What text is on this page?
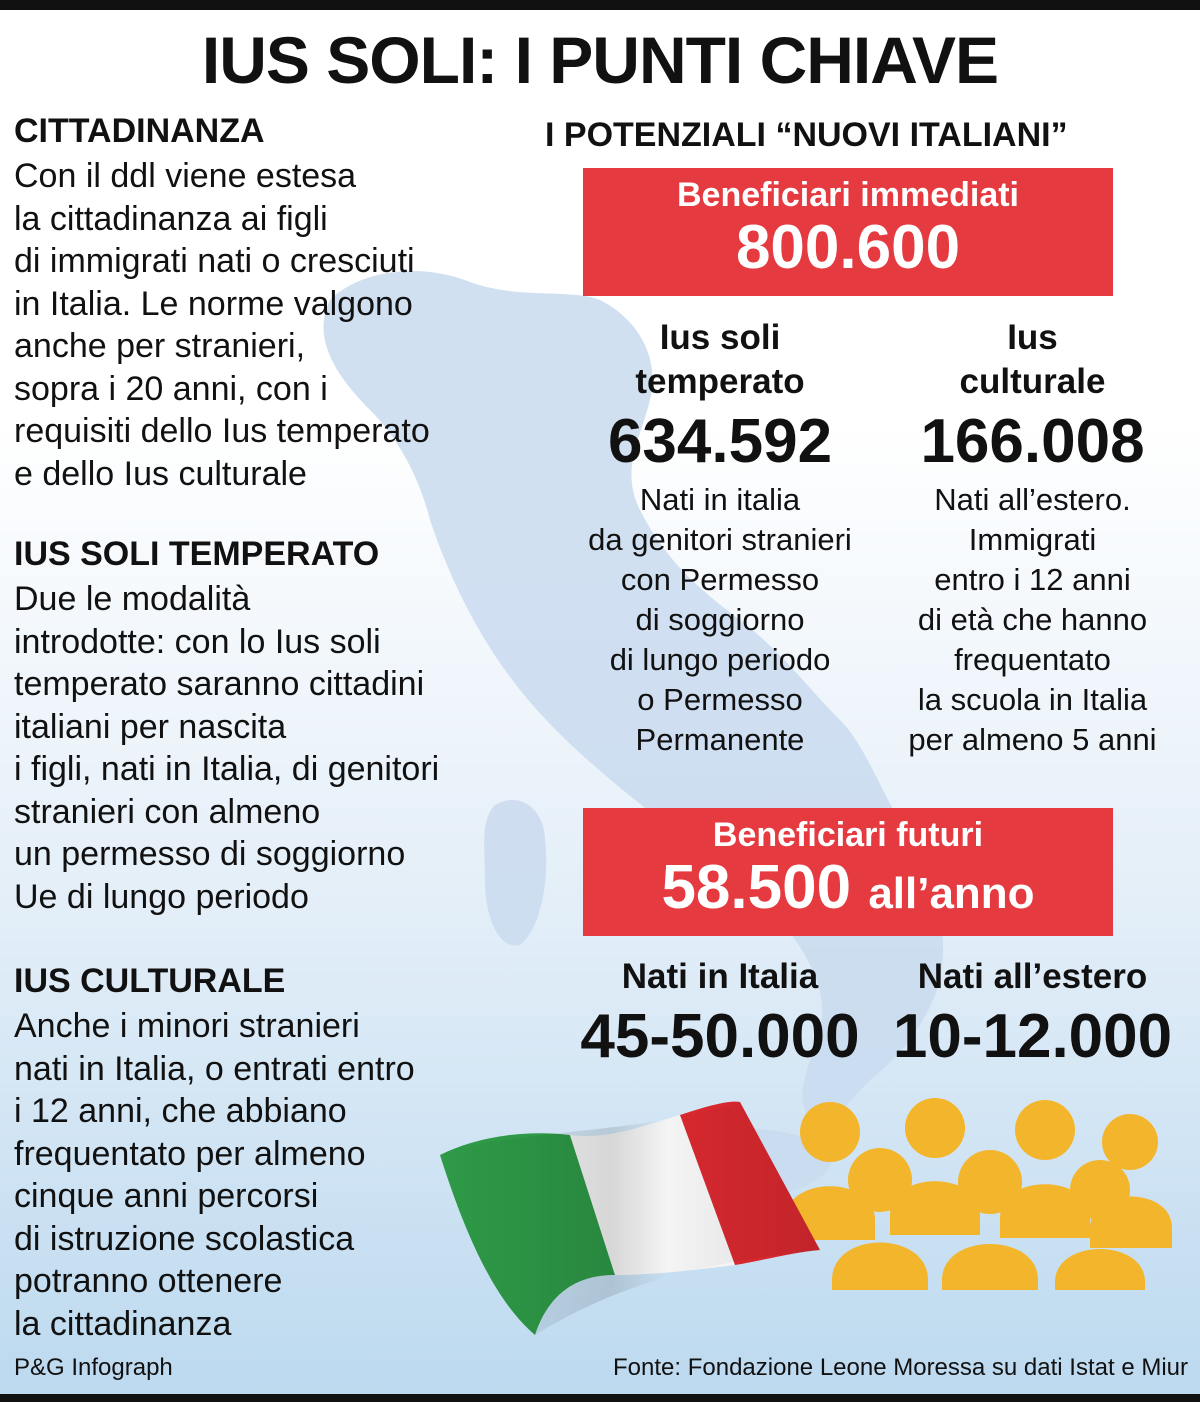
IUS SOLI: I PUNTI CHIAVE
CITTADINANZA

Con il ddl viene estesa
la cittadinanza ai figli
di immigrati nati o cresciuti
in Italia. Le norme valgono
anche per stranieri,
sopra i 20 anni, con i
requisiti dello Ius temperato
e dello Ius culturale

IUS SOLI TEMPERATO

Due le modalità
introdotte: con lo Ius soli
temperato saranno cittadini
italiani per nascita
i figli, nati in Italia, di genitori
stranieri con almeno
un permesso di soggiorno
Ue di lungo periodo

IUS CULTURALE

Anche i minori stranieri
nati in Italia, o entrati entro
i 12 anni, che abbiano
frequentato per almeno
cinque anni percorsi
di istruzione scolastica
potranno ottenere
la cittadinanza

I POTENZIALI “NUOVI ITALIANI”
Beneficiari immediati
800.600
Ius soli
temperato
634.592
Nati in italia
da genitori stranieri
con Permesso
di soggiorno
di lungo periodo
o Permesso
Permanente
Ius
culturale
166.008
Nati all’estero.
Immigrati
entro i 12 anni
di età che hanno
frequentato
la scuola in Italia
per almeno 5 anni
Beneficiari futuri
58.500 all’anno
Nati in Italia
45-50.000
Nati all’estero
10-12.000

P&G Infograph	Fonte: Fondazione Leone Moressa su dati Istat e Miur
